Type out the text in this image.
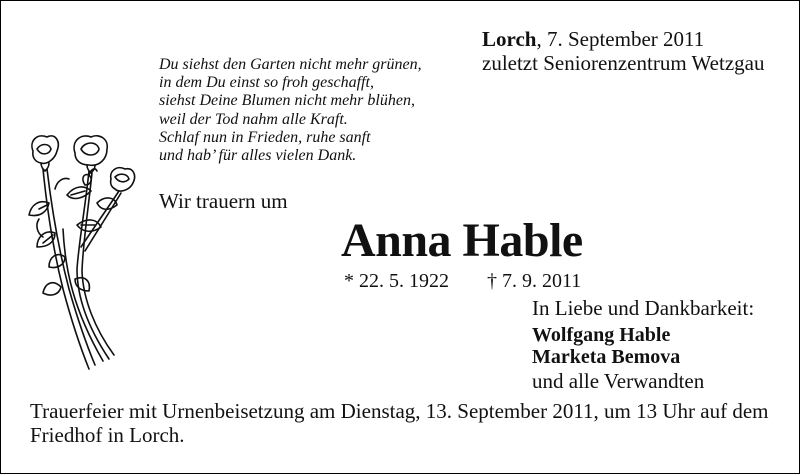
Lorch, 7. September 2011
zuletzt Seniorenzentrum Wetzgau
Du siehst den Garten nicht mehr grünen,
in dem Du einst so froh geschafft,
siehst Deine Blumen nicht mehr blühen,
weil der Tod nahm alle Kraft.
Schlaf nun in Frieden, ruhe sanft
und hab’ für alles vielen Dank.
Wir trauern um
Anna Hable
* 22. 5. 1922 † 7. 9. 2011
In Liebe und Dankbarkeit:
Wolfgang Hable
Marketa Bemova
und alle Verwandten
Trauerfeier mit Urnenbeisetzung am Dienstag, 13. September 2011, um 13 Uhr auf dem Friedhof in Lorch.
